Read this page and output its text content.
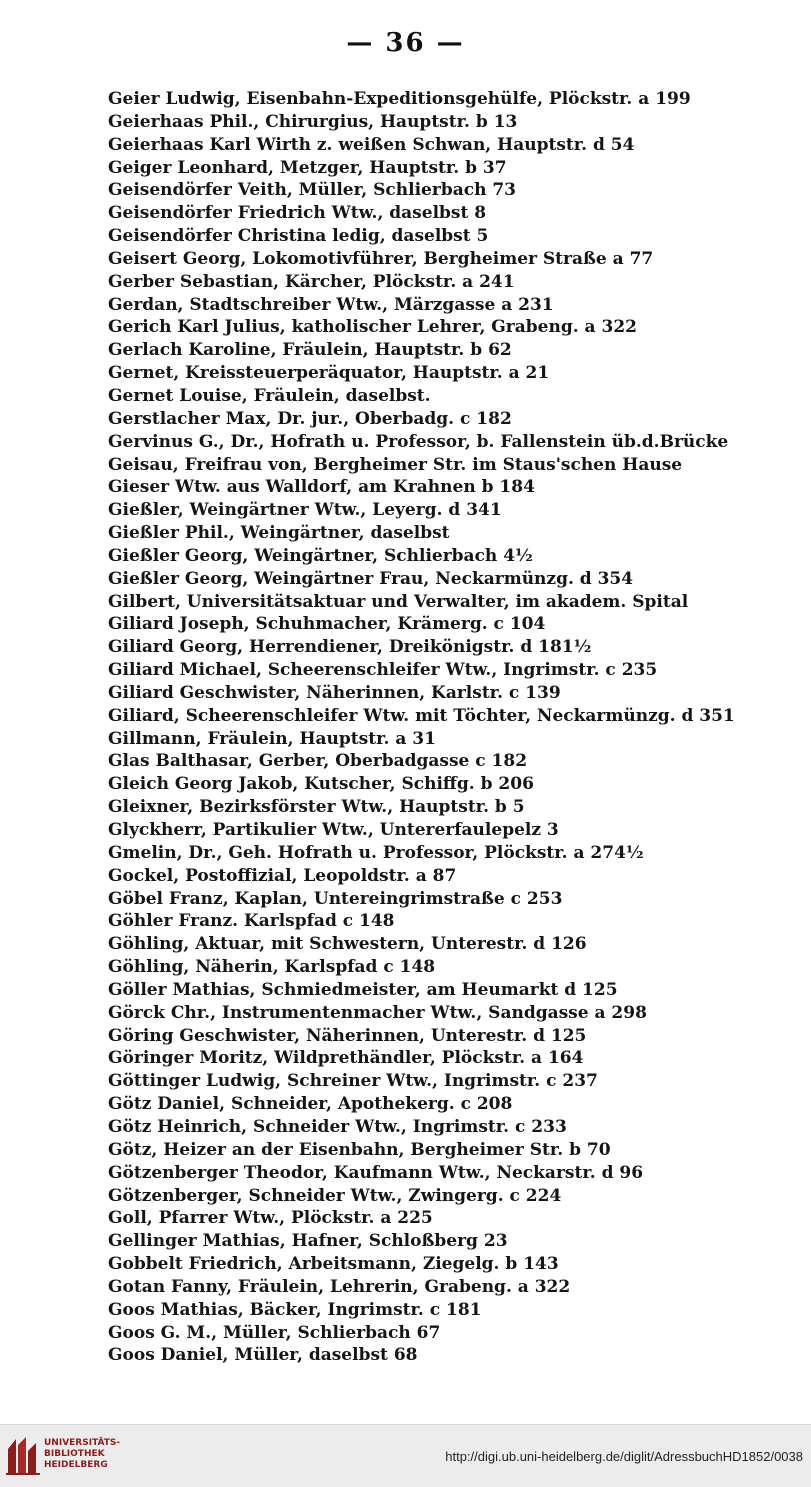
— 36 —
Geier Ludwig, Eisenbahn-Expeditionsgehülfe, Plöckstr. a 199
Geierhaas Phil., Chirurgius, Hauptstr. b 13
Geierhaas Karl Wirth z. weißen Schwan, Hauptstr. d 54
Geiger Leonhard, Metzger, Hauptstr. b 37
Geisendörfer Veith, Müller, Schlierbach 73
Geisendörfer Friedrich Wtw., daselbst 8
Geisendörfer Christina ledig, daselbst 5
Geisert Georg, Lokomotivführer, Bergheimer Straße a 77
Gerber Sebastian, Kärcher, Plöckstr. a 241
Gerdan, Stadtschreiber Wtw., Märzgasse a 231
Gerich Karl Julius, katholischer Lehrer, Grabeng. a 322
Gerlach Karoline, Fräulein, Hauptstr. b 62
Gernet, Kreissteuerperäquator, Hauptstr. a 21
Gernet Louise, Fräulein, daselbst.
Gerstlacher Max, Dr. jur., Oberbadg. c 182
Gervinus G., Dr., Hofrath u. Professor, b. Fallenstein üb.d.Brücke
Geisau, Freifrau von, Bergheimer Str. im Staus'schen Hause
Gieser Wtw. aus Walldorf, am Krahnen b 184
Gießler, Weingärtner Wtw., Leyerg. d 341
Gießler Phil., Weingärtner, daselbst
Gießler Georg, Weingärtner, Schlierbach 4½
Gießler Georg, Weingärtner Frau, Neckarmünzg. d 354
Gilbert, Universitätsaktuar und Verwalter, im akadem. Spital
Giliard Joseph, Schuhmacher, Krämerg. c 104
Giliard Georg, Herrendiener, Dreikönigstr. d 181½
Giliard Michael, Scheerenschleifer Wtw., Ingrimstr. c 235
Giliard Geschwister, Näherinnen, Karlstr. c 139
Giliard, Scheerenschleifer Wtw. mit Töchter, Neckarmünzg. d 351
Gillmann, Fräulein, Hauptstr. a 31
Glas Balthasar, Gerber, Oberbadgasse c 182
Gleich Georg Jakob, Kutscher, Schiffg. b 206
Gleixner, Bezirksförster Wtw., Hauptstr. b 5
Glyckherr, Partikulier Wtw., Untererfaulepelz 3
Gmelin, Dr., Geh. Hofrath u. Professor, Plöckstr. a 274½
Gockel, Postoffizial, Leopoldstr. a 87
Göbel Franz, Kaplan, Untereingrimstraße c 253
Göhler Franz. Karlspfad c 148
Göhling, Aktuar, mit Schwestern, Unterestr. d 126
Göhling, Näherin, Karlspfad c 148
Göller Mathias, Schmiedmeister, am Heumarkt d 125
Görck Chr., Instrumentenmacher Wtw., Sandgasse a 298
Göring Geschwister, Näherinnen, Unterestr. d 125
Göringer Moritz, Wildprethändler, Plöckstr. a 164
Göttinger Ludwig, Schreiner Wtw., Ingrimstr. c 237
Götz Daniel, Schneider, Apothekerg. c 208
Götz Heinrich, Schneider Wtw., Ingrimstr. c 233
Götz, Heizer an der Eisenbahn, Bergheimer Str. b 70
Götzenberger Theodor, Kaufmann Wtw., Neckarstr. d 96
Götzenberger, Schneider Wtw., Zwingerg. c 224
Goll, Pfarrer Wtw., Plöckstr. a 225
Gellinger Mathias, Hafner, Schloßberg 23
Gobbelt Friedrich, Arbeitsmann, Ziegelg. b 143
Gotan Fanny, Fräulein, Lehrerin, Grabeng. a 322
Goos Mathias, Bäcker, Ingrimstr. c 181
Goos G. M., Müller, Schlierbach 67
Goos Daniel, Müller, daselbst 68
UNIVERSITÄTS-
BIBLIOTHEK
HEIDELBERG
http://digi.ub.uni-heidelberg.de/diglit/AdressbuchHD1852/0038
